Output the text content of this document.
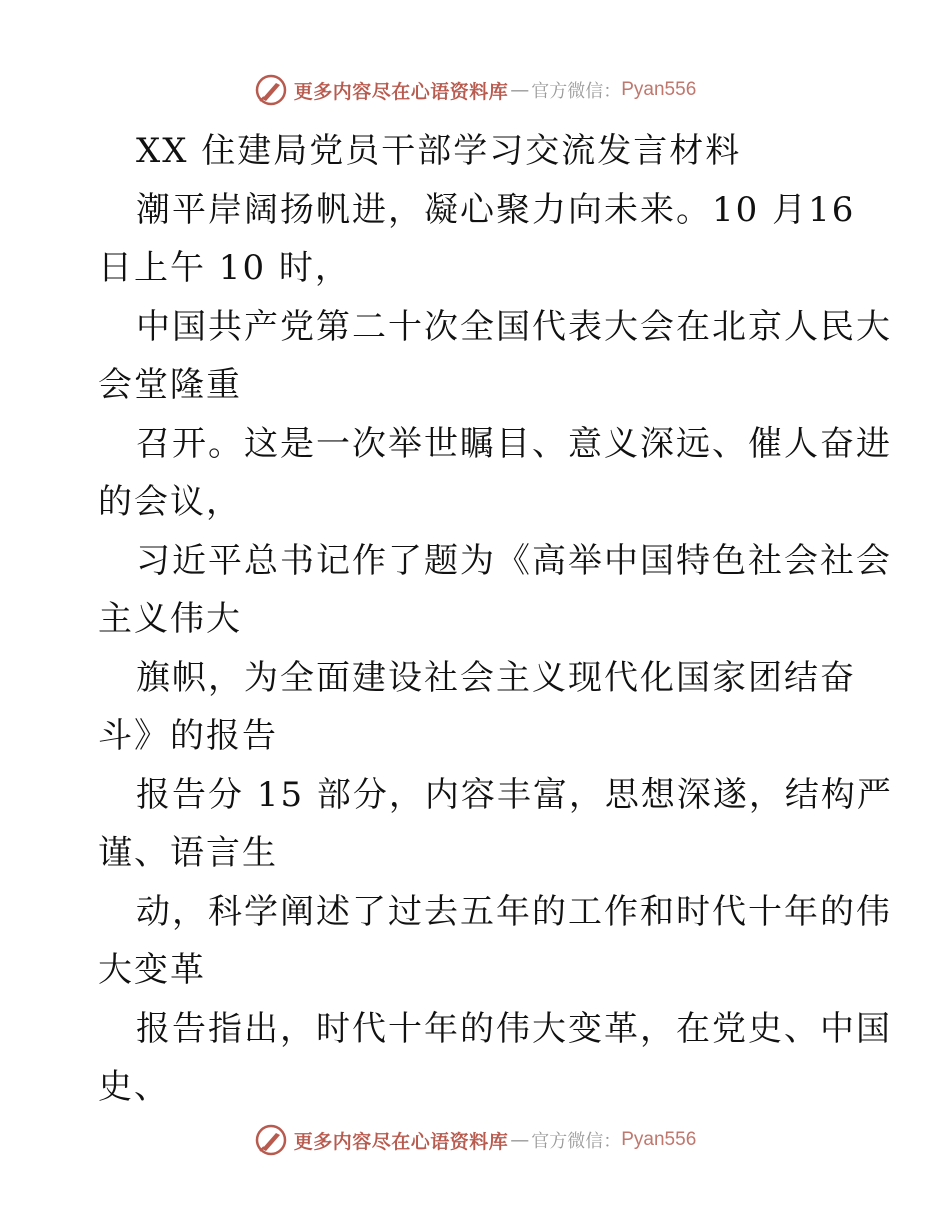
更多内容尽在心语资料库 — 官方微信： Pyan556
XX 住建局党员干部学习交流发言材料
潮平岸阔扬帆进，凝心聚力向未来。10 月16
日上午 10 时，
中国共产党第二十次全国代表大会在北京人民大
会堂隆重
召开。这是一次举世瞩目、意义深远、催人奋进
的会议，
习近平总书记作了题为《高举中国特色社会社会
主义伟大
旗帜，为全面建设社会主义现代化国家团结奋
斗》的报告
报告分 15 部分，内容丰富，思想深遂，结构严
谨、语言生
动，科学阐述了过去五年的工作和时代十年的伟
大变革
报告指出，时代十年的伟大变革，在党史、中国
史、
更多内容尽在心语资料库 — 官方微信： Pyan556
